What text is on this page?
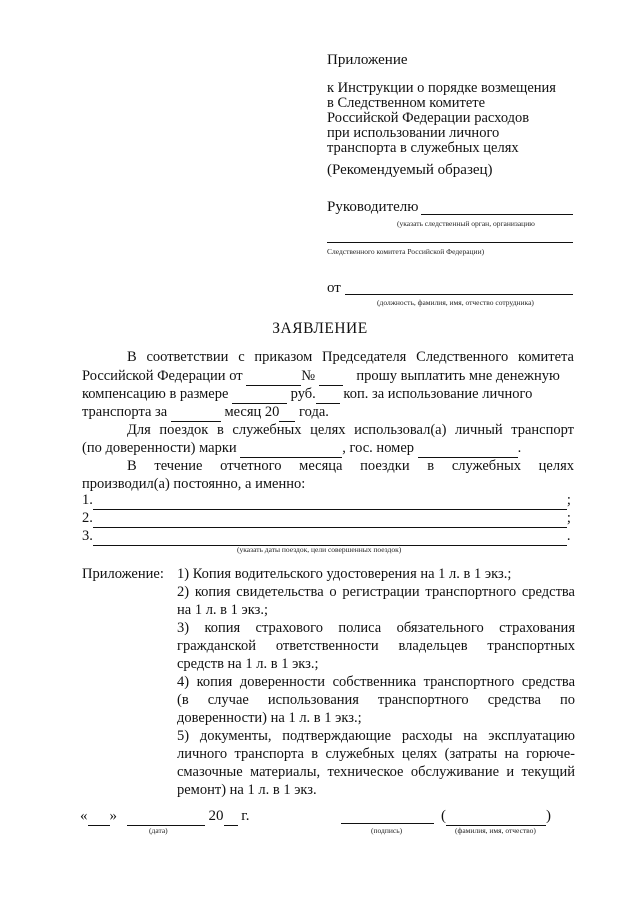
Приложение
к Инструкции о порядке возмещения
в Следственном комитете
Российской Федерации расходов
при использовании личного
транспорта в служебных целях
(Рекомендуемый образец)
Руководителю
(указать следственный орган, организацию
Следственного комитета Российской Федерации)
от
(должность, фамилия, имя, отчество сотрудника)
ЗАЯВЛЕНИЕ
В соответствии с приказом Председателя Следственного комитета
Российской Федерации от	№	прошу выплатить мне денежную
компенсацию в размере	руб. коп. за использование личного
транспорта за	месяц 20 года.
Для поездок в служебных целях использовал(а) личный транспорт
(по доверенности) марки	, гос. номер	.
В течение отчетного месяца поездки в служебных целях
производил(а) постоянно, а именно:
1.	;
2.	;
3.	.
(указать даты поездок, цели совершенных поездок)
Приложение: 1) Копия водительского удостоверения на 1 л. в 1 экз.;
2) копия свидетельства о регистрации транспортного средства
на 1 л. в 1 экз.;
3) копия страхового полиса обязательного страхования
гражданской ответственности владельцев транспортных
средств на 1 л. в 1 экз.;
4) копия доверенности собственника транспортного средства
(в случае использования транспортного средства по
доверенности) на 1 л. в 1 экз.;
5) документы, подтверждающие расходы на эксплуатацию
личного транспорта в служебных целях (затраты на горюче-
смазочные материалы, техническое обслуживание и текущий
ремонт) на 1 л. в 1 экз.
« »	20 г.	(	)
(дата)	(подпись)	(фамилия, имя, отчество)
